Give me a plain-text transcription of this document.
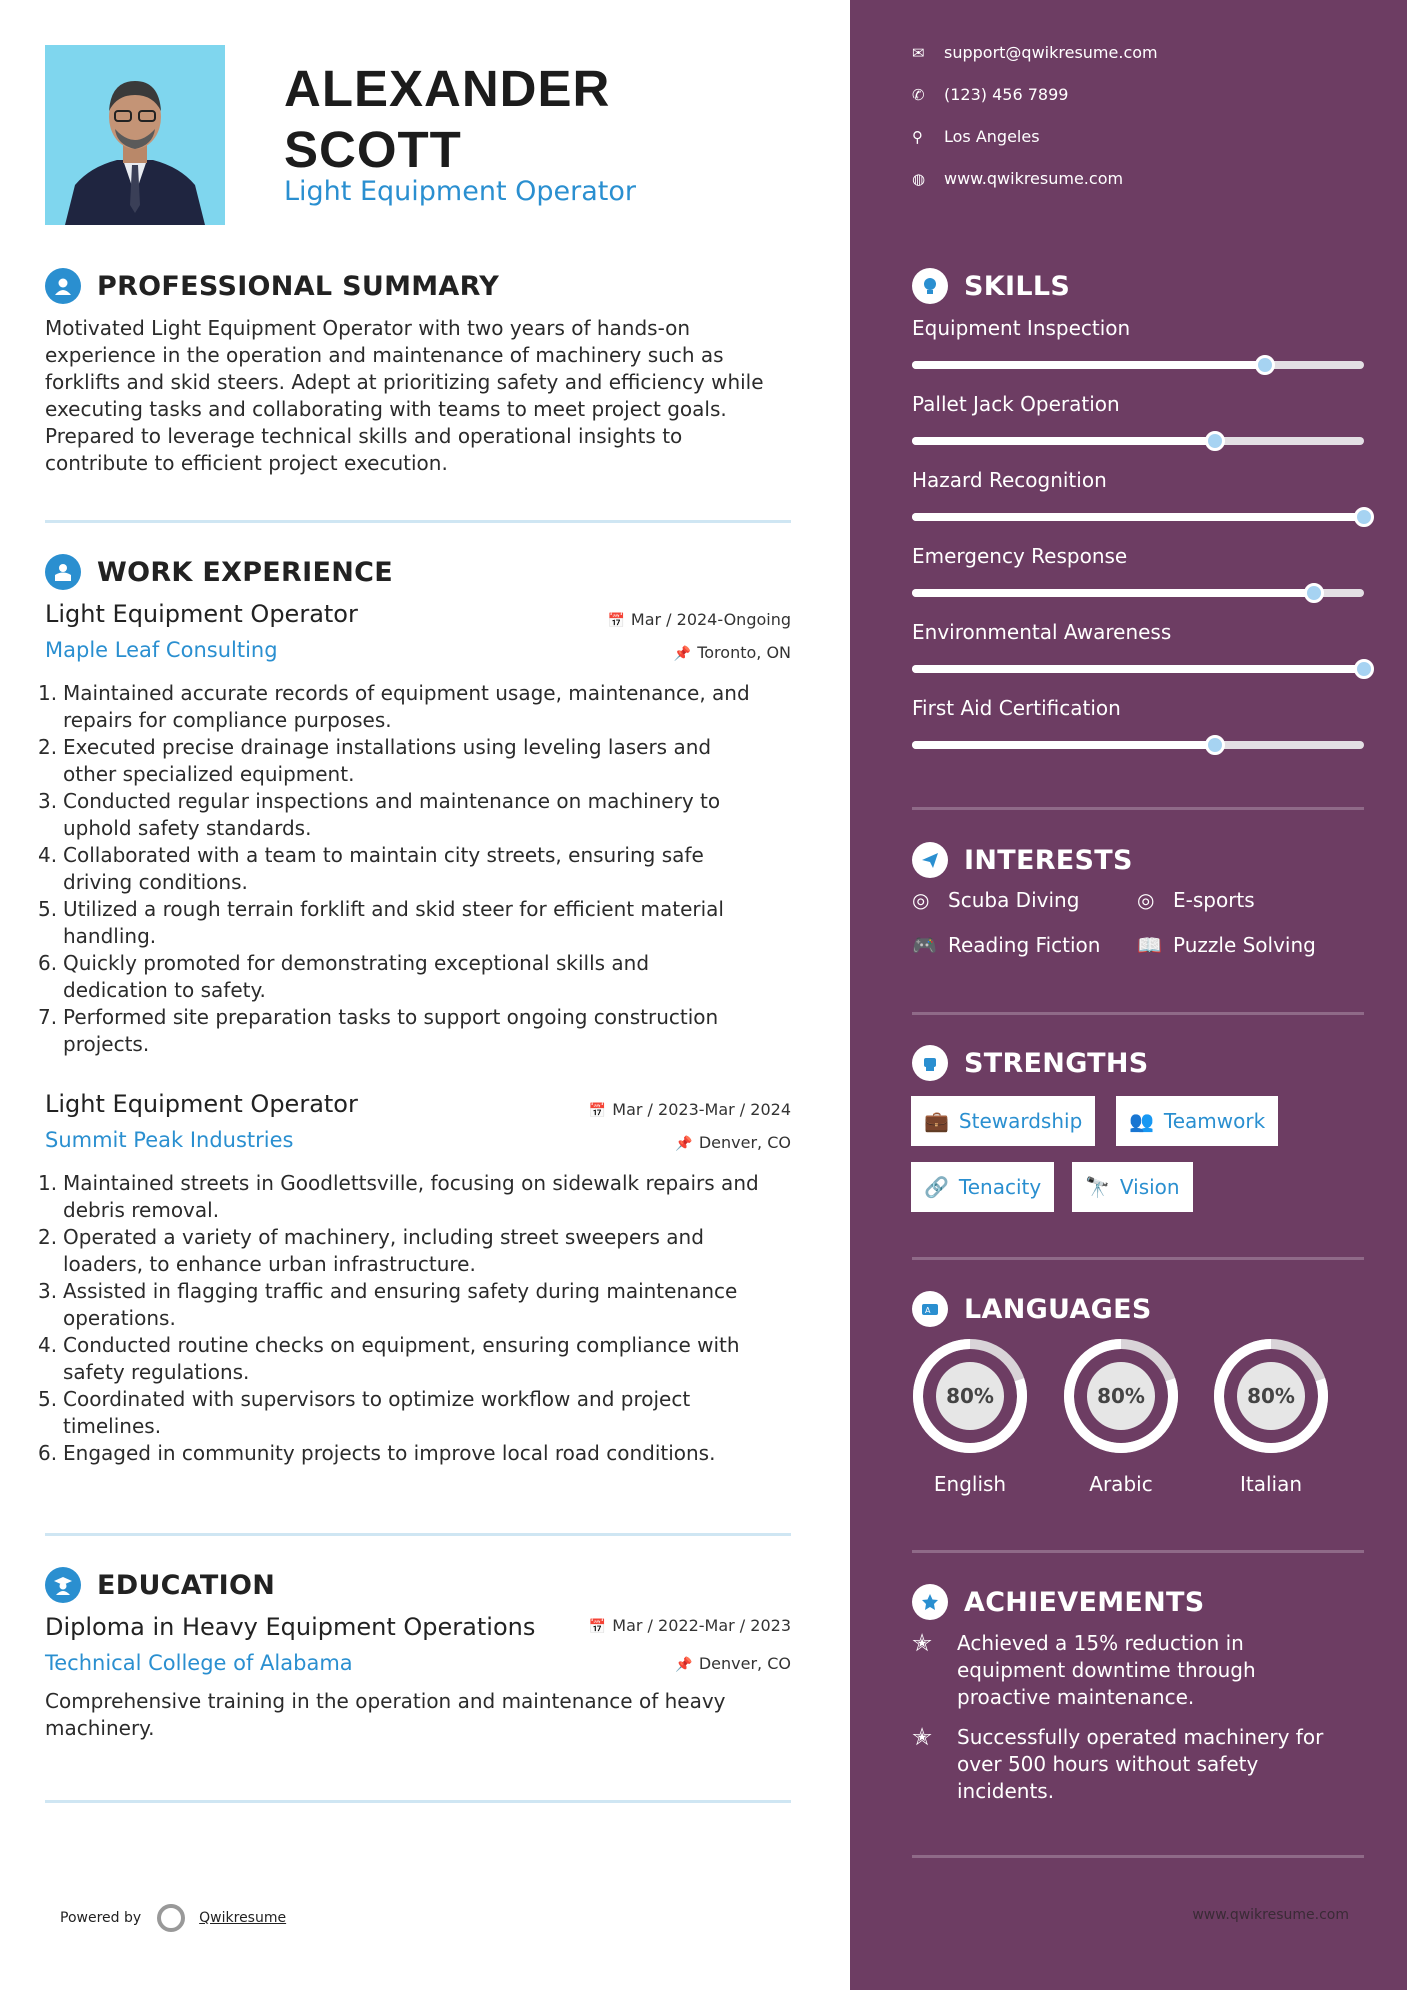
ALEXANDER
SCOTT
Light Equipment Operator
PROFESSIONAL SUMMARY
Motivated Light Equipment Operator with two years of hands-on
experience in the operation and maintenance of machinery such as
forklifts and skid steers. Adept at prioritizing safety and efficiency while
executing tasks and collaborating with teams to meet project goals.
Prepared to leverage technical skills and operational insights to
contribute to efficient project execution.
WORK EXPERIENCE
Light Equipment Operator	📅 Mar / 2024-Ongoing
Maple Leaf Consulting	📌 Toronto, ON
1. Maintained accurate records of equipment usage, maintenance, and
repairs for compliance purposes.
2. Executed precise drainage installations using leveling lasers and
other specialized equipment.
3. Conducted regular inspections and maintenance on machinery to
uphold safety standards.
4. Collaborated with a team to maintain city streets, ensuring safe
driving conditions.
5. Utilized a rough terrain forklift and skid steer for efficient material
handling.
6. Quickly promoted for demonstrating exceptional skills and
dedication to safety.
7. Performed site preparation tasks to support ongoing construction
projects.
Light Equipment Operator	📅 Mar / 2023-Mar / 2024
Summit Peak Industries	📌 Denver, CO
1. Maintained streets in Goodlettsville, focusing on sidewalk repairs and
debris removal.
2. Operated a variety of machinery, including street sweepers and
loaders, to enhance urban infrastructure.
3. Assisted in flagging traffic and ensuring safety during maintenance
operations.
4. Conducted routine checks on equipment, ensuring compliance with
safety regulations.
5. Coordinated with supervisors to optimize workflow and project
timelines.
6. Engaged in community projects to improve local road conditions.
EDUCATION
Diploma in Heavy Equipment Operations	📅 Mar / 2022-Mar / 2023
Technical College of Alabama	📌 Denver, CO
Comprehensive training in the operation and maintenance of heavy
machinery.
Powered by	Qwikresume
✉	support@qwikresume.com
✆	(123) 456 7899
⚲	Los Angeles
◍	www.qwikresume.com
SKILLS
Equipment Inspection
Pallet Jack Operation
Hazard Recognition
Emergency Response
Environmental Awareness
First Aid Certification
INTERESTS
◎ Scuba Diving	◎ E-sports
🎮 Reading Fiction 📖 Puzzle Solving
STRENGTHS
💼 Stewardship 👥 Teamwork
🔗 Tenacity 🔭 Vision
A LANGUAGES
80%
English
80%
Arabic
80%
Italian
ACHIEVEMENTS
✭	Achieved a 15% reduction in
equipment downtime through
proactive maintenance.
✭	Successfully operated machinery for
over 500 hours without safety
incidents.
www.qwikresume.com
